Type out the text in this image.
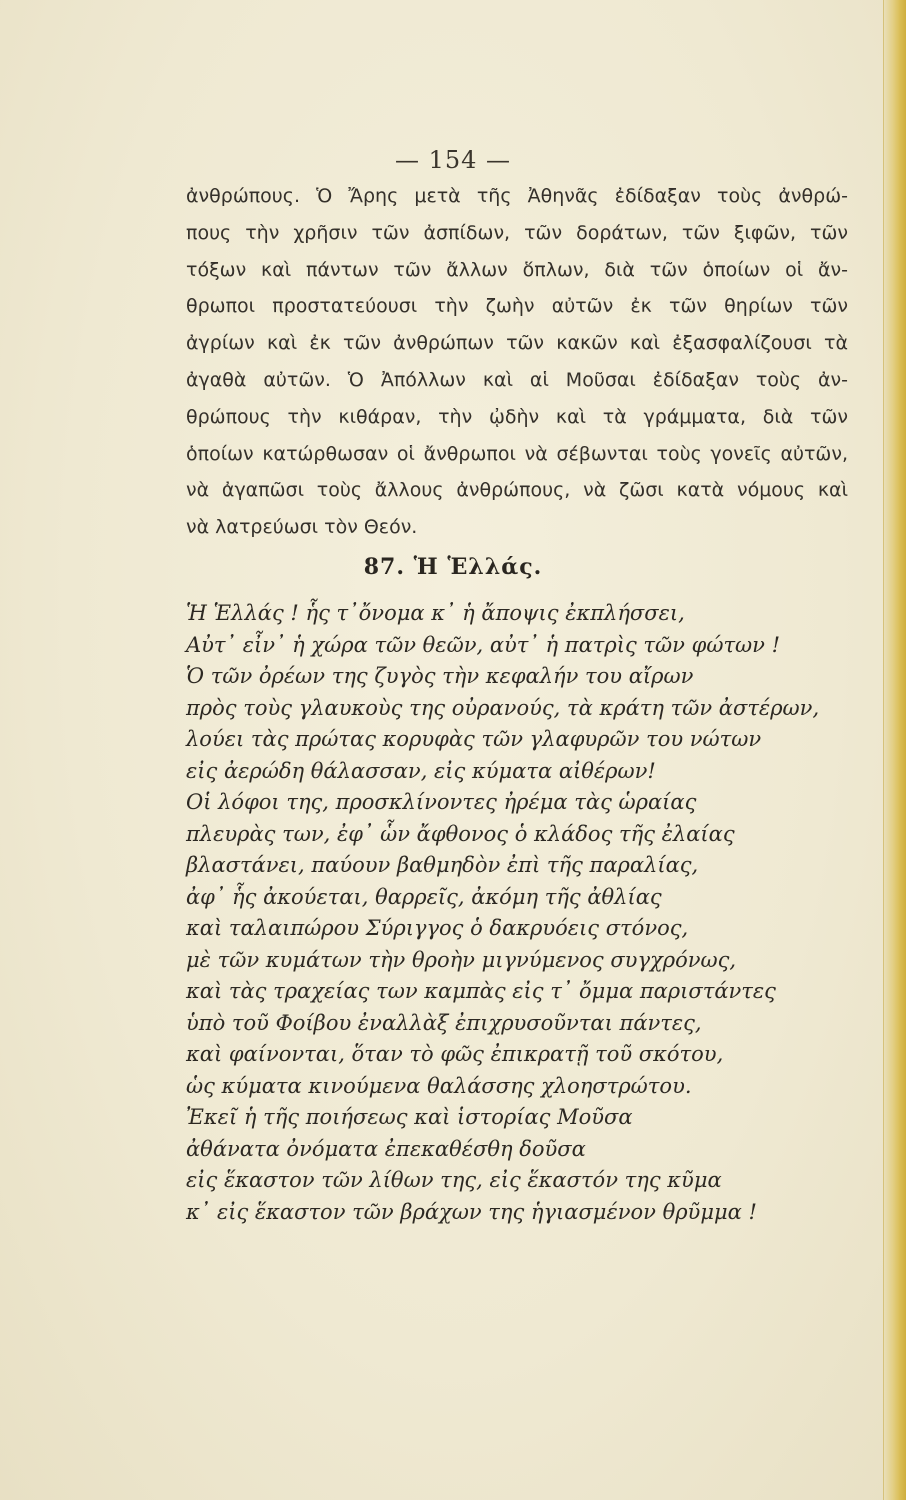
— 154 —
ἀνθρώπους. Ὁ Ἄρης μετὰ τῆς Ἀθηνᾶς ἐδίδαξαν τοὺς ἀνθρώ-
πους τὴν χρῆσιν τῶν ἀσπίδων, τῶν δοράτων, τῶν ξιφῶν, τῶν
τόξων καὶ πάντων τῶν ἄλλων ὅπλων, διὰ τῶν ὁποίων οἱ ἄν-
θρωποι προστατεύουσι τὴν ζωὴν αὐτῶν ἐκ τῶν θηρίων τῶν
ἀγρίων καὶ ἐκ τῶν ἀνθρώπων τῶν κακῶν καὶ ἐξασφαλίζουσι τὰ
ἀγαθὰ αὐτῶν. Ὁ Ἀπόλλων καὶ αἱ Μοῦσαι ἐδίδαξαν τοὺς ἀν-
θρώπους τὴν κιθάραν, τὴν ᾠδὴν καὶ τὰ γράμματα, διὰ τῶν
ὁποίων κατώρθωσαν οἱ ἄνθρωποι νὰ σέβωνται τοὺς γονεῖς αὐτῶν,
νὰ ἀγαπῶσι τοὺς ἄλλους ἀνθρώπους, νὰ ζῶσι κατὰ νόμους καὶ
νὰ λατρεύωσι τὸν Θεόν.
87. Ἡ Ἑλλάς.
Ἡ Ἑλλάς ! ἧς τ᾽ὄνομα κ᾽ ἡ ἄποψις ἐκπλήσσει,
Αὐτ᾽ εἶν᾽ ἡ χώρα τῶν θεῶν, αὐτ᾽ ἡ πατρὶς τῶν φώτων !
Ὁ τῶν ὀρέων της ζυγὸς τὴν κεφαλήν του αἴρων
πρὸς τοὺς γλαυκοὺς της οὐρανούς, τὰ κράτη τῶν ἀστέρων,
λούει τὰς πρώτας κορυφὰς τῶν γλαφυρῶν του νώτων
εἰς ἀερώδη θάλασσαν, εἰς κύματα αἰθέρων!
Οἱ λόφοι της, προσκλίνοντες ἠρέμα τὰς ὡραίας
πλευρὰς των, ἐφ᾽ ὧν ἄφθονος ὁ κλάδος τῆς ἐλαίας
βλαστάνει, παύουν βαθμηδὸν ἐπὶ τῆς παραλίας,
ἀφ᾽ ἧς ἀκούεται, θαρρεῖς, ἀκόμη τῆς ἀθλίας
καὶ ταλαιπώρου Σύριγγος ὁ δακρυόεις στόνος,
μὲ τῶν κυμάτων τὴν θροὴν μιγνύμενος συγχρόνως,
καὶ τὰς τραχείας των καμπὰς εἰς τ᾽ ὄμμα παριστάντες
ὑπὸ τοῦ Φοίβου ἐναλλὰξ ἐπιχρυσοῦνται πάντες,
καὶ φαίνονται, ὅταν τὸ φῶς ἐπικρατῇ τοῦ σκότου,
ὡς κύματα κινούμενα θαλάσσης χλοηστρώτου.
Ἐκεῖ ἡ τῆς ποιήσεως καὶ ἱστορίας Μοῦσα
ἀθάνατα ὀνόματα ἐπεκαθέσθη δοῦσα
εἰς ἕκαστον τῶν λίθων της, εἰς ἕκαστόν της κῦμα
κ᾽ εἰς ἕκαστον τῶν βράχων της ἡγιασμένον θρῦμμα !
